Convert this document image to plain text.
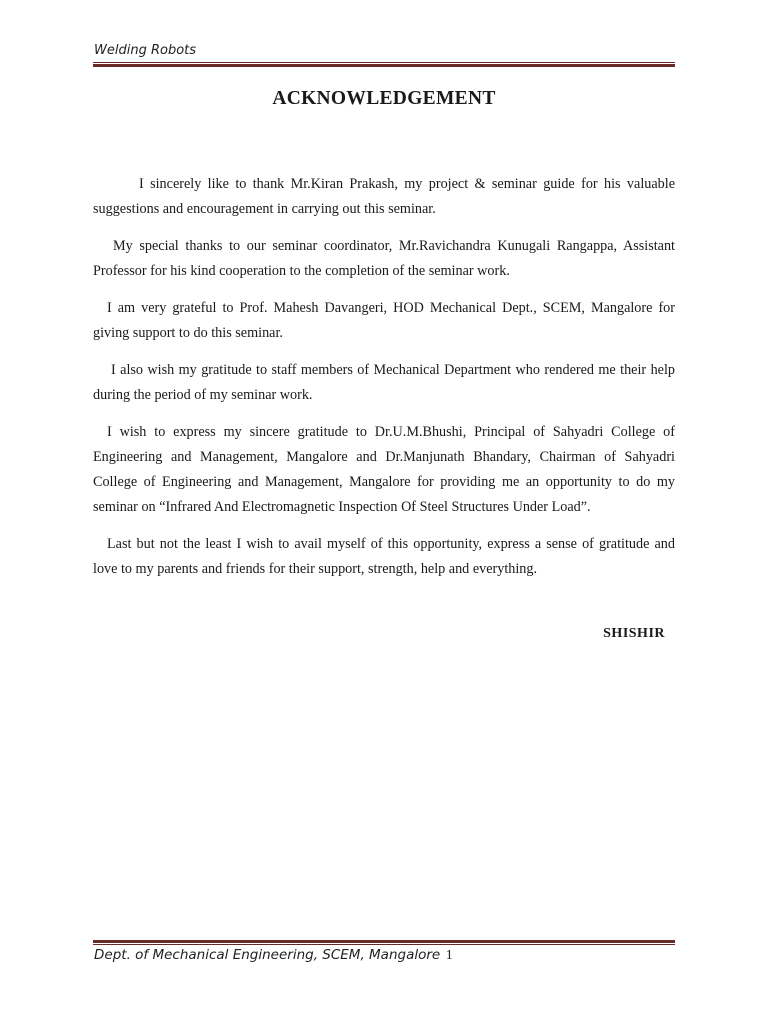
Welding Robots
ACKNOWLEDGEMENT

I sincerely like to thank Mr.Kiran Prakash, my project & seminar guide for his valuable suggestions and encouragement in carrying out this seminar.

My special thanks to our seminar coordinator, Mr.Ravichandra Kunugali Rangappa, Assistant Professor for his kind cooperation to the completion of the seminar work.

I am very grateful to Prof. Mahesh Davangeri, HOD Mechanical Dept., SCEM, Mangalore for giving support to do this seminar.

I also wish my gratitude to staff members of Mechanical Department who rendered me their help during the period of my seminar work.

I wish to express my sincere gratitude to Dr.U.M.Bhushi, Principal of Sahyadri College of Engineering and Management, Mangalore and Dr.Manjunath Bhandary, Chairman of Sahyadri College of Engineering and Management, Mangalore for providing me an opportunity to do my seminar on “Infrared And Electromagnetic Inspection Of Steel Structures Under Load”.

Last but not the least I wish to avail myself of this opportunity, express a sense of gratitude and love to my parents and friends for their support, strength, help and everything.

SHISHIR
Dept. of Mechanical Engineering, SCEM, Mangalore 1
